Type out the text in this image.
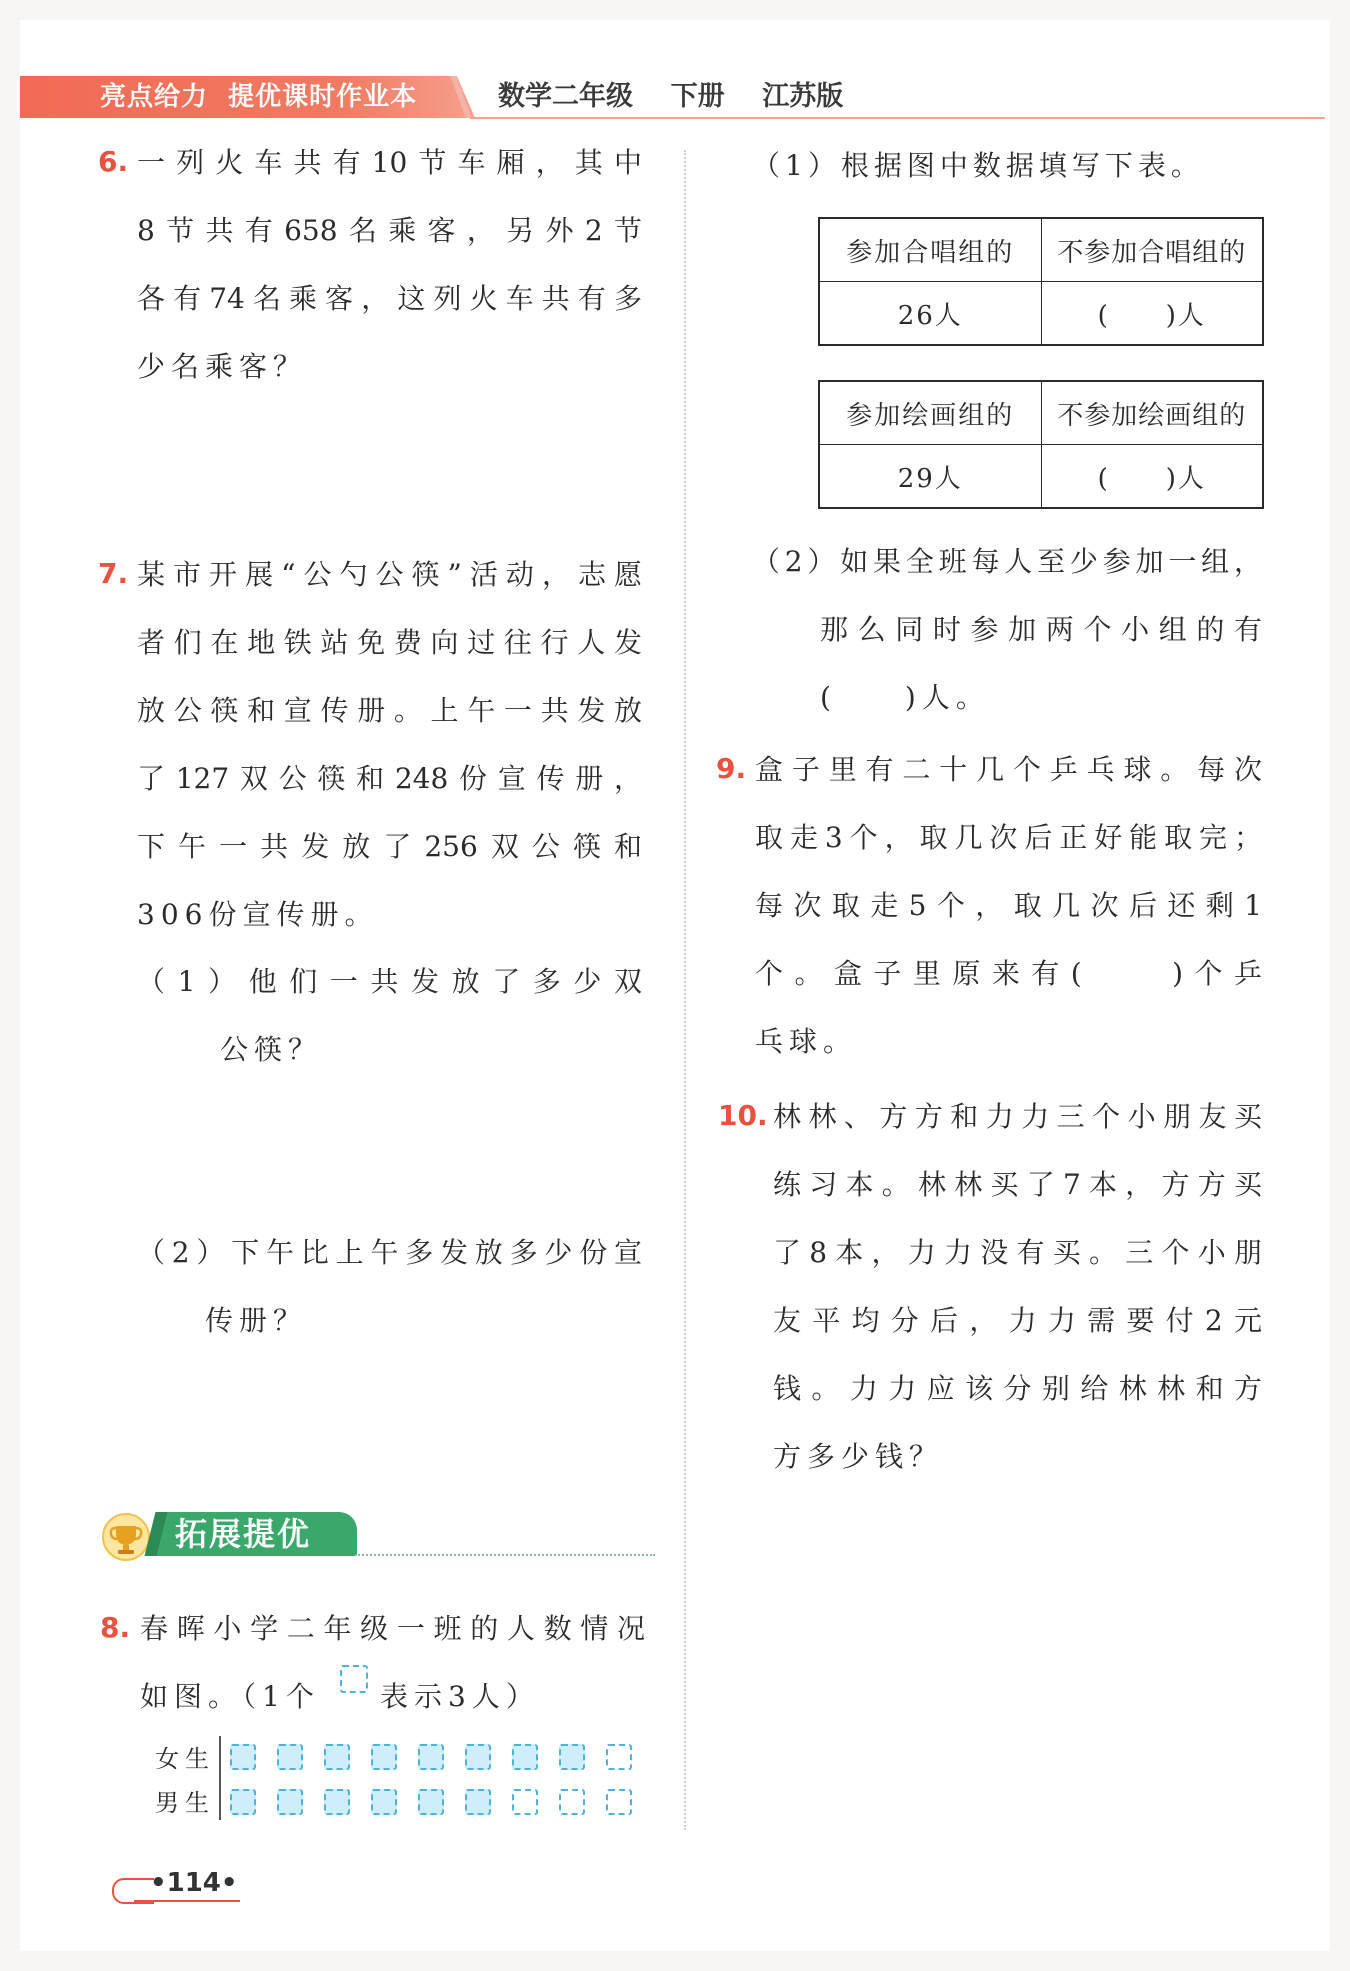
亮点给力  提优课时作业本	数学二年级    下册    江苏版
6. 一列火车共有10节车厢，其中
8节共有658名乘客，另外2节
各有74名乘客，这列火车共有多
少名乘客？
7. 某市开展“公勺公筷”活动，志愿
者们在地铁站免费向过往行人发
放公筷和宣传册。上午一共发放
了127双公筷和248份宣传册，
下午一共发放了256双公筷和
306份宣传册。
（1）他们一共发放了多少双
公筷？
（2）下午比上午多发放多少份宣
传册？
拓展提优
8. 春晖小学二年级一班的人数情况
如图。（1个 表示3人）
女生
男生
（1）根据图中数据填写下表。
参加合唱组的	不参加合唱组的
26人	(　　)人
参加绘画组的	不参加绘画组的
29人	(　　)人
（2）如果全班每人至少参加一组，
那么同时参加两个小组的有
(　　)人。
9. 盒子里有二十几个乒乓球。每次
取走3个，取几次后正好能取完；
每次取走5个，取几次后还剩1
个。盒子里原来有(　　)个乒
乓球。
10. 林林、方方和力力三个小朋友买
练习本。林林买了7本，方方买
了8本，力力没有买。三个小朋
友平均分后，力力需要付2元
钱。力力应该分别给林林和方
方多少钱？
•114•
